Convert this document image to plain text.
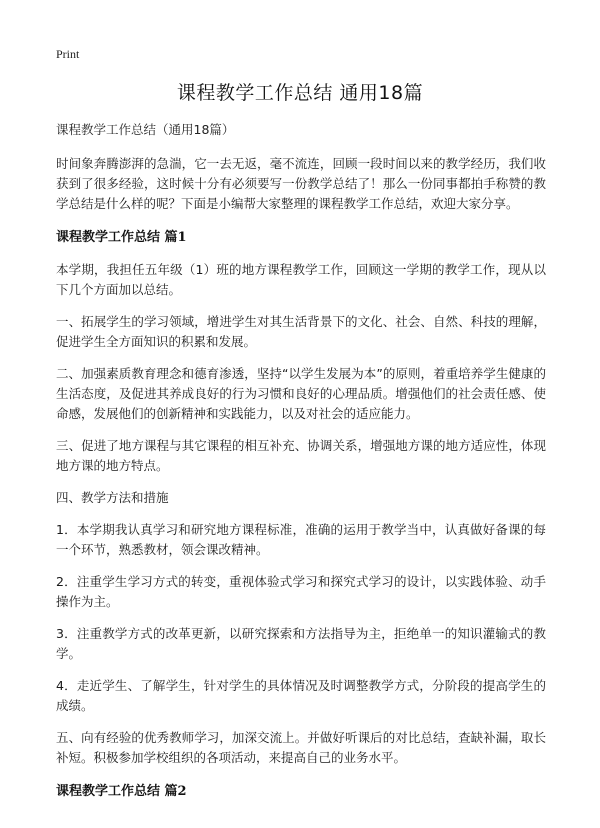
Print
课程教学工作总结 通用18篇

课程教学工作总结（通用18篇）

时间象奔腾澎湃的急湍，它一去无返，毫不流连，回顾一段时间以来的教学经历，我们收获到了很多经验，这时候十分有必须要写一份教学总结了！那么一份同事都拍手称赞的教学总结是什么样的呢？下面是小编帮大家整理的课程教学工作总结，欢迎大家分享。

课程教学工作总结 篇1

本学期，我担任五年级（1）班的地方课程教学工作，回顾这一学期的教学工作，现从以下几个方面加以总结。

一、拓展学生的学习领域，增进学生对其生活背景下的文化、社会、自然、科技的理解，促进学生全方面知识的积累和发展。

二、加强素质教育理念和德育渗透，坚持“以学生发展为本”的原则，着重培养学生健康的生活态度，及促进其养成良好的行为习惯和良好的心理品质。增强他们的社会责任感、使命感，发展他们的创新精神和实践能力，以及对社会的适应能力。

三、促进了地方课程与其它课程的相互补充、协调关系，增强地方课的地方适应性，体现地方课的地方特点。

四、教学方法和措施

1．本学期我认真学习和研究地方课程标准，准确的运用于教学当中，认真做好备课的每一个环节，熟悉教材，领会课改精神。

2．注重学生学习方式的转变，重视体验式学习和探究式学习的设计，以实践体验、动手操作为主。

3．注重教学方式的改革更新，以研究探索和方法指导为主，拒绝单一的知识灌输式的教学。

4．走近学生、了解学生，针对学生的具体情况及时调整教学方式，分阶段的提高学生的成绩。

五、向有经验的优秀教师学习，加深交流上。并做好听课后的对比总结，查缺补漏，取长补短。积极参加学校组织的各项活动，来提高自己的业务水平。

课程教学工作总结 篇2
